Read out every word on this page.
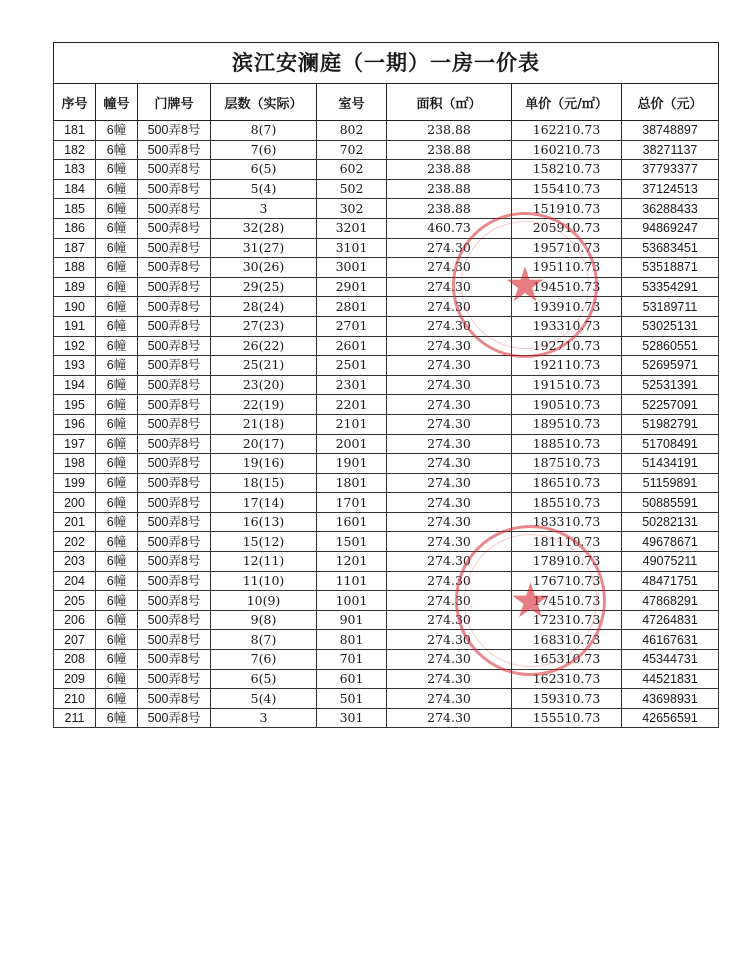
滨江安澜庭（一期）一房一价表							
序号	幢号	门牌号	层数（实际）	室号	面积（㎡）	单价（元/㎡）	总价（元）
181	6幢	500弄8号	8(7)	802	238.88	162210.73	38748897
182	6幢	500弄8号	7(6)	702	238.88	160210.73	38271137
183	6幢	500弄8号	6(5)	602	238.88	158210.73	37793377
184	6幢	500弄8号	5(4)	502	238.88	155410.73	37124513
185	6幢	500弄8号	3	302	238.88	151910.73	36288433
186	6幢	500弄8号	32(28)	3201	460.73	205910.73	94869247
187	6幢	500弄8号	31(27)	3101	274.30	195710.73	53683451
188	6幢	500弄8号	30(26)	3001	274.30	195110.73	53518871
189	6幢	500弄8号	29(25)	2901	274.30	194510.73	53354291
190	6幢	500弄8号	28(24)	2801	274.30	193910.73	53189711
191	6幢	500弄8号	27(23)	2701	274.30	193310.73	53025131
192	6幢	500弄8号	26(22)	2601	274.30	192710.73	52860551
193	6幢	500弄8号	25(21)	2501	274.30	192110.73	52695971
194	6幢	500弄8号	23(20)	2301	274.30	191510.73	52531391
195	6幢	500弄8号	22(19)	2201	274.30	190510.73	52257091
196	6幢	500弄8号	21(18)	2101	274.30	189510.73	51982791
197	6幢	500弄8号	20(17)	2001	274.30	188510.73	51708491
198	6幢	500弄8号	19(16)	1901	274.30	187510.73	51434191
199	6幢	500弄8号	18(15)	1801	274.30	186510.73	51159891
200	6幢	500弄8号	17(14)	1701	274.30	185510.73	50885591
201	6幢	500弄8号	16(13)	1601	274.30	183310.73	50282131
202	6幢	500弄8号	15(12)	1501	274.30	181110.73	49678671
203	6幢	500弄8号	12(11)	1201	274.30	178910.73	49075211
204	6幢	500弄8号	11(10)	1101	274.30	176710.73	48471751
205	6幢	500弄8号	10(9)	1001	274.30	174510.73	47868291
206	6幢	500弄8号	9(8)	901	274.30	172310.73	47264831
207	6幢	500弄8号	8(7)	801	274.30	168310.73	46167631
208	6幢	500弄8号	7(6)	701	274.30	165310.73	45344731
209	6幢	500弄8号	6(5)	601	274.30	162310.73	44521831
210	6幢	500弄8号	5(4)	501	274.30	159310.73	43698931
211	6幢	500弄8号	3	301	274.30	155510.73	42656591
★
★
